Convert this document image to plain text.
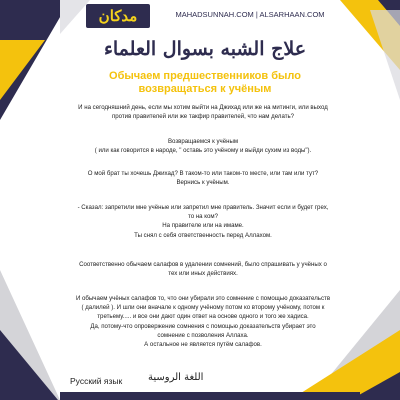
مدكان	MAHADSUNNAH.COM | ALSARHAAN.COM
علاج الشبه بسوال العلماء
Обычаем предшественников было
возвращаться к учёным
И на сегодняшний день, если мы хотим выйти на Джихад или же на митинги, или выход
против правителей или же такфир правителей, что нам делать?
Возвращаемся к учёным
( или как говорится в народе, " оставь это учёному и выйди сухим из воды").
О мой брат ты хочешь Джихад? В таком-то или таком-то месте, или там или тут?
Вернись к учёным.
- Сказал: запретили мне учёные или запретил мне правитель. Значит если и будет грех,
то на ком?
На правителе или на имаме.
Ты снял с себя ответственность перед Аллахом.
Соответственно обычаем салафов в удалении сомнений, было спрашивать у учёных о
тех или иных действиях.
И обычаем учёных салафов то, что они убирали это сомнение с помощью доказательств
( далилей ). И шли они вначале к одному учёному потом ко второму учёному, потом к
третьему..... и все они дают один ответ на основе одного и того же хадиса.
Да, потому-что опровержение сомнения с помощью доказательств убирает это
сомнение с позволения Аллаха.
А остальное не является путём салафов.
Русский язык	اللغة الروسية
